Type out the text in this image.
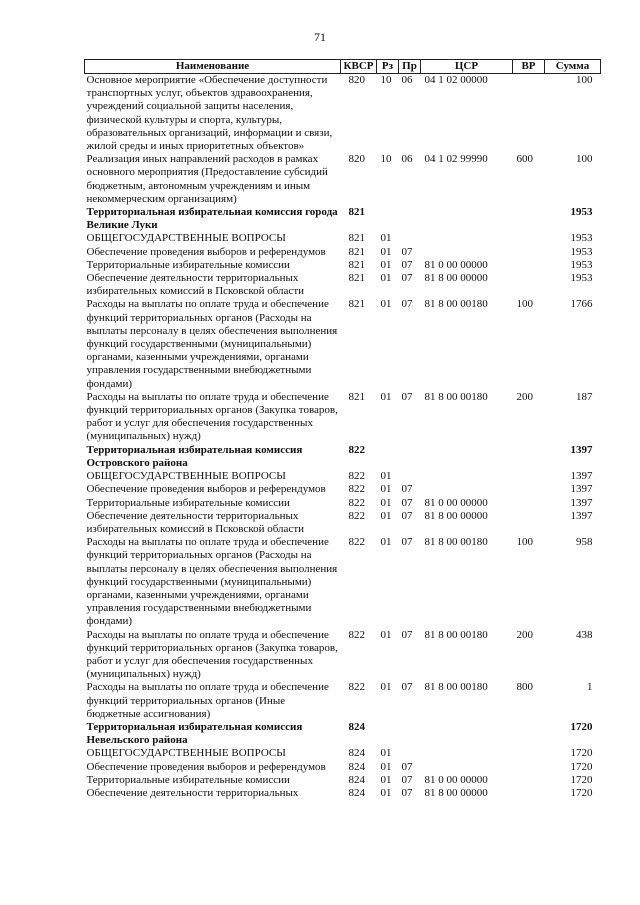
71
Наименование	КВСР	Рз	Пр	ЦСР	ВР	Сумма
Основное мероприятие «Обеспечение доступности транспортных услуг, объектов здравоохранения, учреждений социальной защиты населения, физической культуры и спорта, культуры, образовательных организаций, информации и связи, жилой среды и иных приоритетных объектов»	820	10	06	04 1 02 00000		100
Реализация иных направлений расходов в рамках основного мероприятия (Предоставление субсидий бюджетным, автономным учреждениям и иным некоммерческим организациям)	820	10	06	04 1 02 99990	600	100
Территориальная избирательная комиссия города Великие Луки	821					1953
ОБЩЕГОСУДАРСТВЕННЫЕ ВОПРОСЫ	821	01				1953
Обеспечение проведения выборов и референдумов	821	01	07			1953
Территориальные избирательные комиссии	821	01	07	81 0 00 00000		1953
Обеспечение деятельности территориальных избирательных комиссий в Псковской области	821	01	07	81 8 00 00000		1953
Расходы на выплаты по оплате труда и обеспечение функций территориальных органов (Расходы на выплаты персоналу в целях обеспечения выполнения функций государственными (муниципальными) органами, казенными учреждениями, органами управления государственными внебюджетными фондами)	821	01	07	81 8 00 00180	100	1766
Расходы на выплаты по оплате труда и обеспечение функций территориальных органов (Закупка товаров, работ и услуг для обеспечения государственных (муниципальных) нужд)	821	01	07	81 8 00 00180	200	187
Территориальная избирательная комиссия Островского района	822					1397
ОБЩЕГОСУДАРСТВЕННЫЕ ВОПРОСЫ	822	01				1397
Обеспечение проведения выборов и референдумов	822	01	07			1397
Территориальные избирательные комиссии	822	01	07	81 0 00 00000		1397
Обеспечение деятельности территориальных избирательных комиссий в Псковской области	822	01	07	81 8 00 00000		1397
Расходы на выплаты по оплате труда и обеспечение функций территориальных органов (Расходы на выплаты персоналу в целях обеспечения выполнения функций государственными (муниципальными) органами, казенными учреждениями, органами управления государственными внебюджетными фондами)	822	01	07	81 8 00 00180	100	958
Расходы на выплаты по оплате труда и обеспечение функций территориальных органов (Закупка товаров, работ и услуг для обеспечения государственных (муниципальных) нужд)	822	01	07	81 8 00 00180	200	438
Расходы на выплаты по оплате труда и обеспечение функций территориальных органов (Иные бюджетные ассигнования)	822	01	07	81 8 00 00180	800	1
Территориальная избирательная комиссия Невельского района	824					1720
ОБЩЕГОСУДАРСТВЕННЫЕ ВОПРОСЫ	824	01				1720
Обеспечение проведения выборов и референдумов	824	01	07			1720
Территориальные избирательные комиссии	824	01	07	81 0 00 00000		1720
Обеспечение деятельности территориальных	824	01	07	81 8 00 00000		1720
